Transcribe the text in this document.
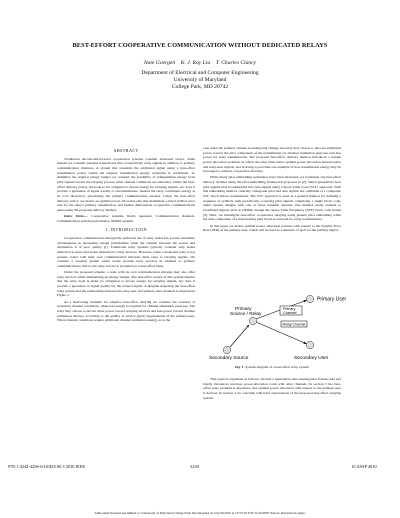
BEST-EFFORT COOPERATIVE COMMUNICATION WITHOUT DEDICATED RELAYS
Nate Goergen    K. J. Ray Liu    T. Charles Clancy
Department of Electrical and Computer Engineering
University of Maryland
College Park, MD 20742
ABSTRACT

Traditional decode-and-forward cooperation systems consider dedicated relays, while instead we consider wireless transceivers that cooperatively relay signals in addition to primary communication missions. A system that transmits the additional signal using a best-effort transmission policy within the original transmission energy constraint is considered. To minimize the original energy budget we consider the feasibility of relinquishing energy from pilot signals toward the relaying process when channel conditions are stationary. Under the best-effort delivery policy, the node is not obligated to devote energy for relaying signals, nor does it provide a guarantee of signal quality to retransmissions. Instead the relay contributes energy at its own discretion, prioritizing the primary communication relation. Using the best-effort delivery policy, we derive an optimal power allocation rule that maximizes a fixed symbol error rate for the relay's primary transmission, and further demonstrate cooperative communications gains using the proposed delivery method.

Index Terms— Cooperative systems, Radio repeaters, Communication channels, Communication system performance, MIMO systems

1. INTRODUCTION

Cooperative communication through the judicious use of relay nodes has proven extremely advantageous in decreasing outage probabilities when the channel between the source and destination is of poor quality [1]. Traditional relay systems typically consider only nodes dedicated to users and nodes dedicated to relay services. However, when a dedicated relay is not present, nodes with their own communication missions must cater to relaying signals. We consider a relaying system where nodes provide relay services in addition to primary communications, that is, the relay service is provided on a best-effort basis.

Under the proposed scheme, a node with its own communication mission may also offer relay services while maintaining an energy budget. The best-effort nature of this system implies that the relay node is under no obligation to devote energy for relaying signals, nor does it provide a guarantee of signal quality for the relayed signal. A diagram depicting the best-effort relay system and the relationship between the relay-user and primary-user channels is depicted in Figure 1.

As a motivating example for adaptive best-effort relaying we consider the scenario of stationary channel conditions, when less energy is required for channel estimation purposes. The relay may choose to devote more power toward relaying services and less power toward channel estimation devices, according to the quality of service (QoS) requirements of the primary-user. When channel conditions require additional channel estimation energy, as is the

case when the primary channel is undergoing change, the relay may choose to allocate additional power toward the pilot component of the transmission for channel estimation purposes and less power for relay transmissions. The proposed best-effort delivery method introduces a unique power allocation problem, in which the relay must select optimal power allocation between pilot and relay-user signals, and in doing so provides one example of how transmission energy may be leveraged to achieve cooperative diversity.

While many pilot-embedding techniques have been discussed, we formulate one best-effort delivery channel using the pilot-embedding framework proposed in [2], which generalizes how pilot signals may be embedded into data signals using a Space Time Code (STC) approach. With this embedding method, centrally orthogonal pilot and data signals are combined at a composite STC block before transmission. The STC approach is used as a general method for defining a sequence of symbols with periodically occurring pilot signals comprising a single block code, under system designs with one or more transmit antenna. The method easily extends to broadband signals such as OFDM, though the Space Time Frequency (STF) block code model [3]. Here, we investigate best-effort cooperative relaying using generic pilot embedding when the data-component of a data-bearing pilot block is reserved for relay transmissions.

In this paper we derive optimal power allocation policies with respect to the Symbol Error Rate (SER) of the primary-user, which will be used as a measure of QoS for the primary signal.

Primary User
Primary
Source / Relay
Primary
Channel
Relay Channel
Secondary Source	Secondary User
Fig. 1. System diagram of a best-effort relay system

This paper is organized as follows: Section 2 generalizes data-bearing pilot frameworks and briefly introduces previous power-allocation work with relay channels. In section 3 the best-effort relay problem is discussed, and optimal power allocation with respect to the primary-user is derived. In section 4 we conclude with brief observations of the proposed best-effort relaying system.

978-1-4244-4296-6/10/$25.00 ©2010 IEEE	3230	ICASSP 2010
Authorized licensed use limited to: University of Maryland College Park. Downloaded on July 06,2010 at 13:53:18 UTC from IEEE Xplore. Restrictions apply.
